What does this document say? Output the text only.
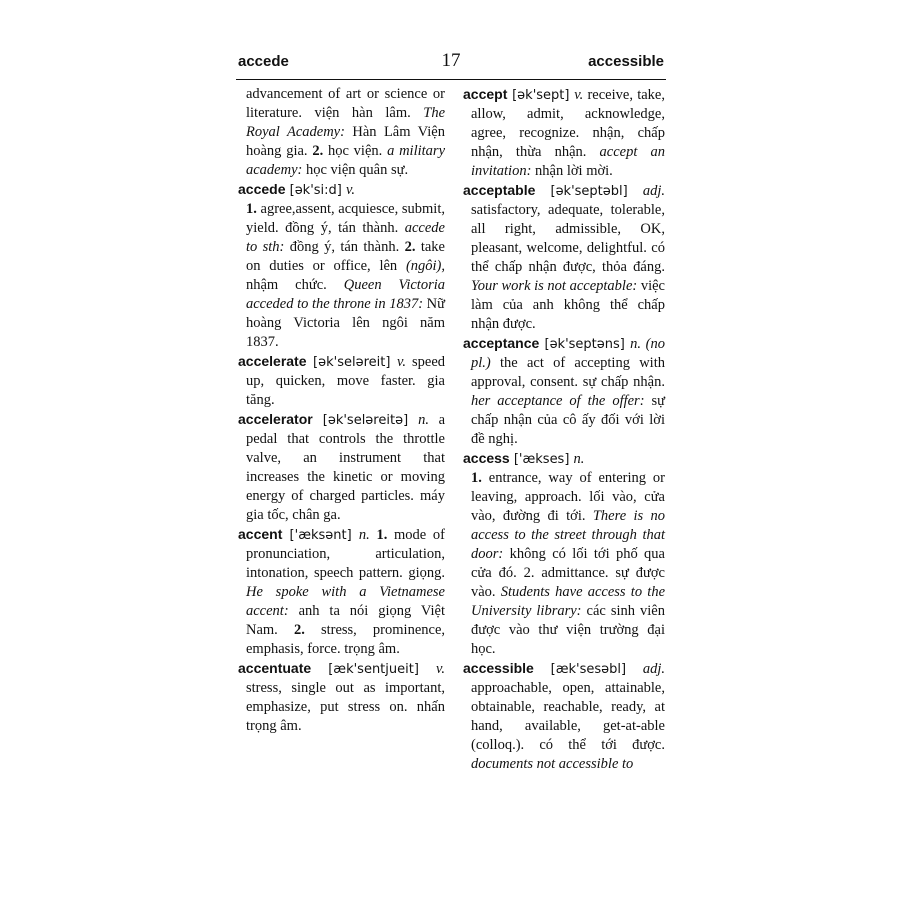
accede	17	accessible

advancement of art or science or literature. viện hàn lâm. The Royal Academy: Hàn Lâm Viện hoàng gia. 2. học viện. a military academy: học viện quân sự.

accede [ək'si:d] v.
1. agree,assent, acquiesce, submit, yield. đồng ý, tán thành. accede to sth: đồng ý, tán thành. 2. take on duties or office, lên (ngôi), nhậm chức. Queen Victoria acceded to the throne in 1837: Nữ hoàng Victoria lên ngôi năm 1837.

accelerate [ək'seləreit] v. speed up, quicken, move faster. gia tăng.

accelerator [ək'seləreitə] n. a pedal that controls the throttle valve, an instrument that increases the kinetic or moving energy of charged particles. máy gia tốc, chân ga.

accent ['æksənt] n. 1. mode of pronunciation, articulation, intonation, speech pattern. giọng. He spoke with a Vietnamese accent: anh ta nói giọng Việt Nam. 2. stress, prominence, emphasis, force. trọng âm.

accentuate [æk'sentjueit] v. stress, single out as important, emphasize, put stress on. nhấn trọng âm.

accept [ək'sept] v. receive, take, allow, admit, acknowledge, agree, recognize. nhận, chấp nhận, thừa nhận. accept an invitation: nhận lời mời.

acceptable [ək'septəbl] adj. satisfactory, adequate, tolerable, all right, admissible, OK, pleasant, welcome, delightful. có thể chấp nhận được, thỏa đáng. Your work is not acceptable: việc làm của anh không thể chấp nhận được.

acceptance [ək'septəns] n. (no pl.) the act of accepting with approval, consent. sự chấp nhận. her acceptance of the offer: sự chấp nhận của cô ấy đối với lời đề nghị.

access ['ækses] n.
1. entrance, way of entering or leaving, approach. lối vào, cửa vào, đường đi tới. There is no access to the street through that door: không có lối tới phố qua cửa đó. 2. admittance. sự được vào. Students have access to the University library: các sinh viên được vào thư viện trường đại học.

accessible [æk'sesəbl] adj. approachable, open, attainable, obtainable, reachable, ready, at hand, available, get-at-able (colloq.). có thể tới được. documents not accessible to
